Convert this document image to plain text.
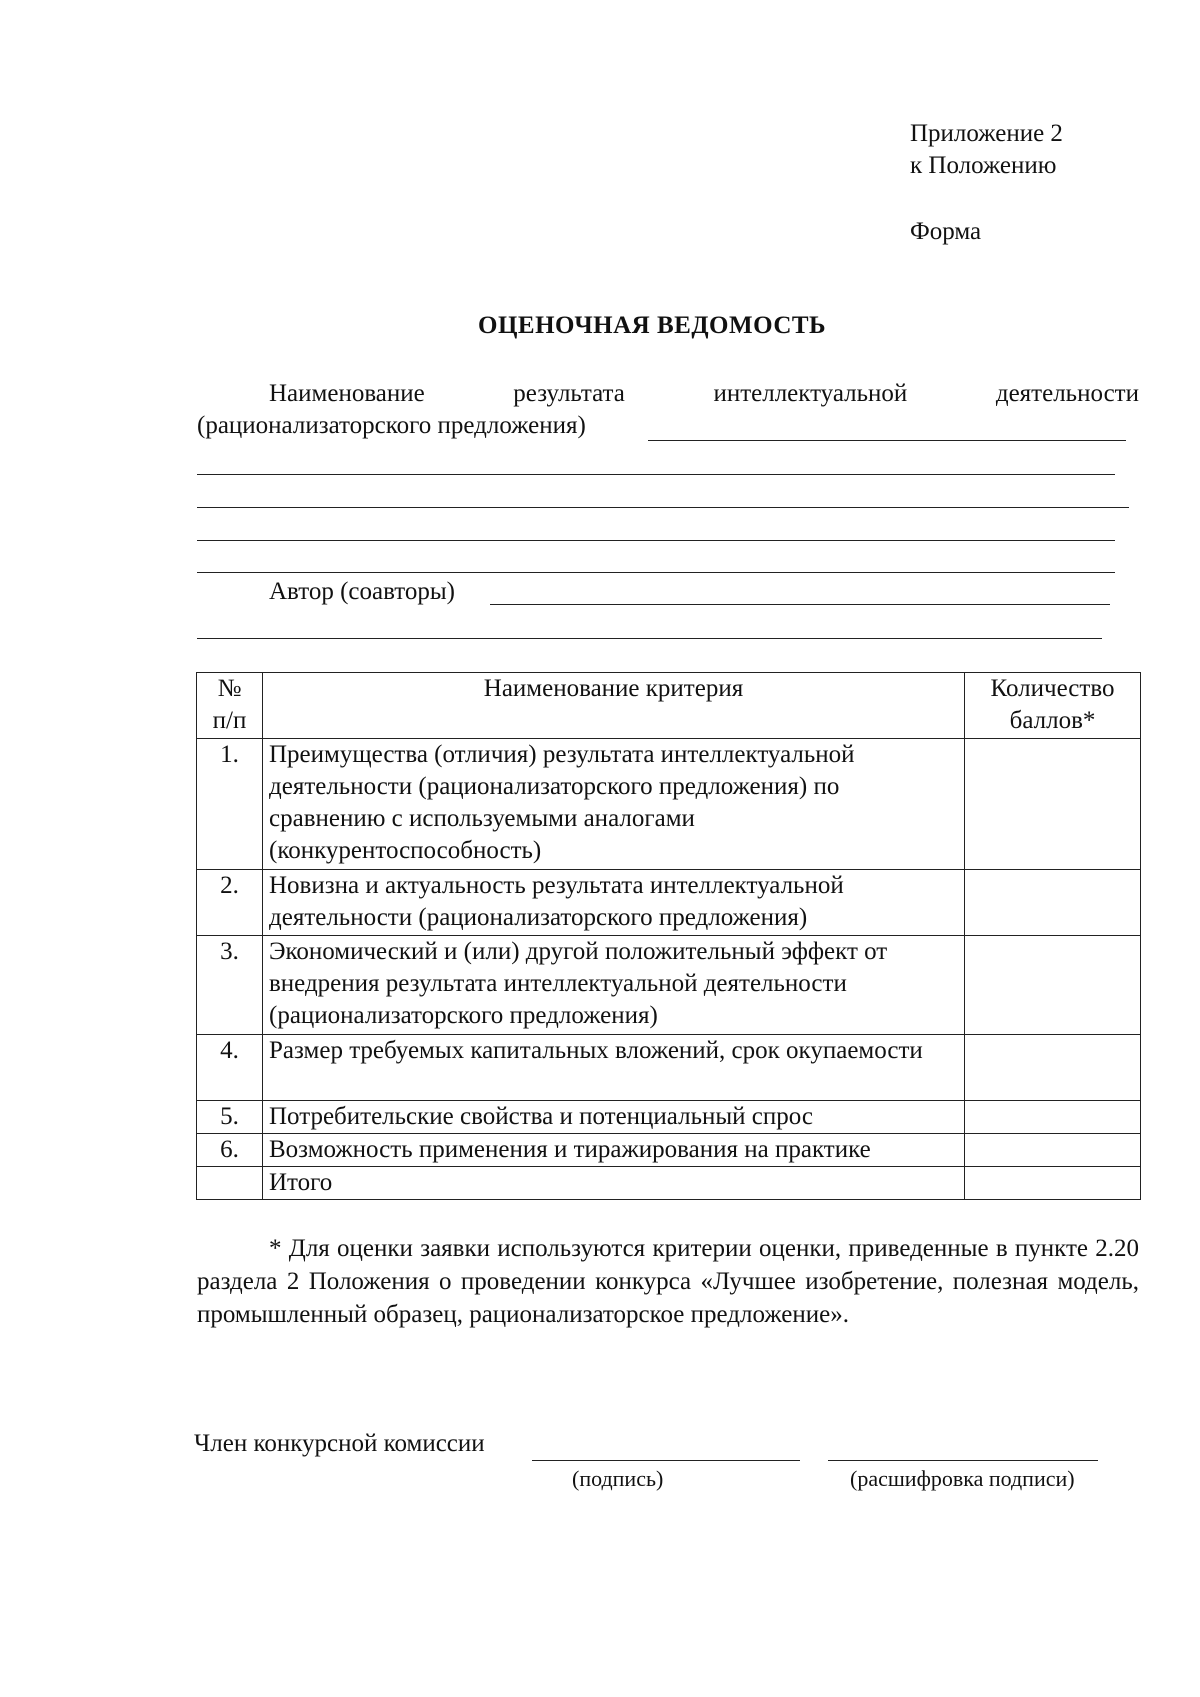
Приложение 2
к Положению
Форма
ОЦЕНОЧНАЯ ВЕДОМОСТЬ
Наименование	результата	интеллектуальной	деятельности
(рационализаторского предложения)
Автор (соавторы)
№ п/п	Наименование критерия	Количество баллов*
1.	Преимущества (отличия) результата интеллектуальной деятельности (рационализаторского предложения) по сравнению с используемыми аналогами (конкурентоспособность)	
2.	Новизна и актуальность результата интеллектуальной деятельности (рационализаторского предложения)	
3.	Экономический и (или) другой положительный эффект от внедрения результата интеллектуальной деятельности (рационализаторского предложения)	
4.	Размер требуемых капитальных вложений, срок окупаемости	
5.	Потребительские свойства и потенциальный спрос	
6.	Возможность применения и тиражирования на практике	
	Итого	
* Для оценки заявки используются критерии оценки, приведенные в пункте 2.20 раздела 2 Положения о проведении конкурса «Лучшее изобретение, полезная модель, промышленный образец, рационализаторское предложение».
Член конкурсной комиссии
(подпись)	(расшифровка подписи)
